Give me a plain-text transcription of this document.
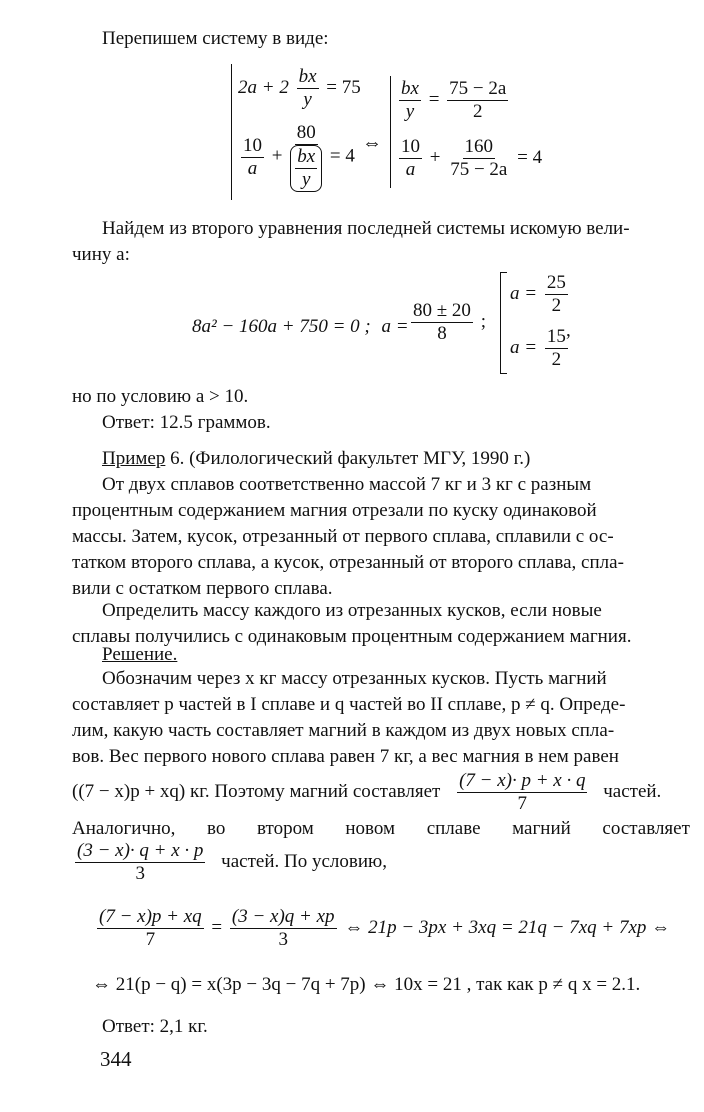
Перепишем систему в виде:
$2a + 2 \frac{bx}{y} = 75$
$\frac{10}{a} + \frac{80}{\frac{bx}{y}} = 4$
⇔
$\frac{bx}{y} = \frac{75 - 2a}{2}$
$\frac{10}{a} + \frac{160}{75 - 2a} = 4$
Найдем из второго уравнения последней системы искомую вели-
чину a:
8a² − 160a + 750 = 0 ; $a = \frac{80 \pm 20}{8}$ ;
$a = \frac{25}{2}$
$a = \frac{15}{2}$
,
но по условию a > 10.
Ответ: 12.5 граммов.
Пример 6. (Филологический факультет МГУ, 1990 г.)
От двух сплавов соответственно массой 7 кг и 3 кг с разным
процентным содержанием магния отрезали по куску одинаковой
массы. Затем, кусок, отрезанный от первого сплава, сплавили с ос-
татком второго сплава, а кусок, отрезанный от второго сплава, спла-
вили с остатком первого сплава.
Определить массу каждого из отрезанных кусков, если новые
сплавы получились с одинаковым процентным содержанием магния.
Решение.
Обозначим через x кг массу отрезанных кусков. Пусть магний
составляет p частей в I сплаве и q частей во II сплаве, p ≠ q. Опреде-
лим, какую часть составляет магний в каждом из двух новых спла-
вов. Вес первого нового сплава равен 7 кг, а вес магния в нем равен
((7 − x)p + xq) кг. Поэтому магний составляет $\frac{(7 - x)\cdot p + x \cdot q}{7}$ частей.
Аналогично, во втором новом сплаве магний составляет
$\frac{(3 - x)\cdot q + x \cdot p}{3}$ частей. По условию,
$\frac{(7 - x)p + xq}{7} = \frac{(3 - x)q + xp}{3}$ ⇔ 21p − 3px + 3xq = 21q − 7xq + 7xp ⇔
⇔ 21(p − q) = x(3p − 3q − 7q + 7p) ⇔ 10x = 21 , так как p ≠ q x = 2.1.
Ответ: 2,1 кг.
344
